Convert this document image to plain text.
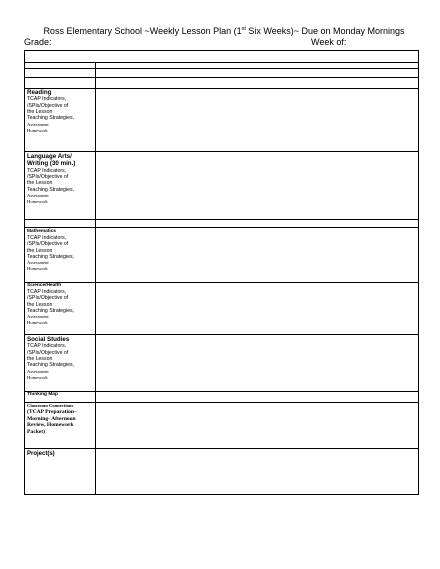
Ross Elementary School ~Weekly Lesson Plan (1st Six Weeks)~ Due on Monday Mornings
Grade:	Week of:
Reading
TCAP Indicators,
/SPIs/Objective of
the Lesson
Teaching Strategies,
Assessment
Homework
Language Arts/
Writing (30 min.)
TCAP Indicators,
/SPIs/Objective of
the Lesson
Teaching Strategies,
Assessment
Homework
Mathematics
TCAP Indicators,
/SPIs/Objective of
the Lesson
Teaching Strategies,
Assessment
Homework
Science/Health
TCAP Indicators,
/SPIs/Objective of
the Lesson
Teaching Strategies,
Assessment
Homework
Social Studies
TCAP Indicators,
/SPIs/Objective of
the Lesson
Teaching Strategies,
Assessment
Homework
Thinking Map
Classroom Connections
(TCAP Preparation–
Morning- Afternoon
Review, Homework
Packet)
Project(s)
